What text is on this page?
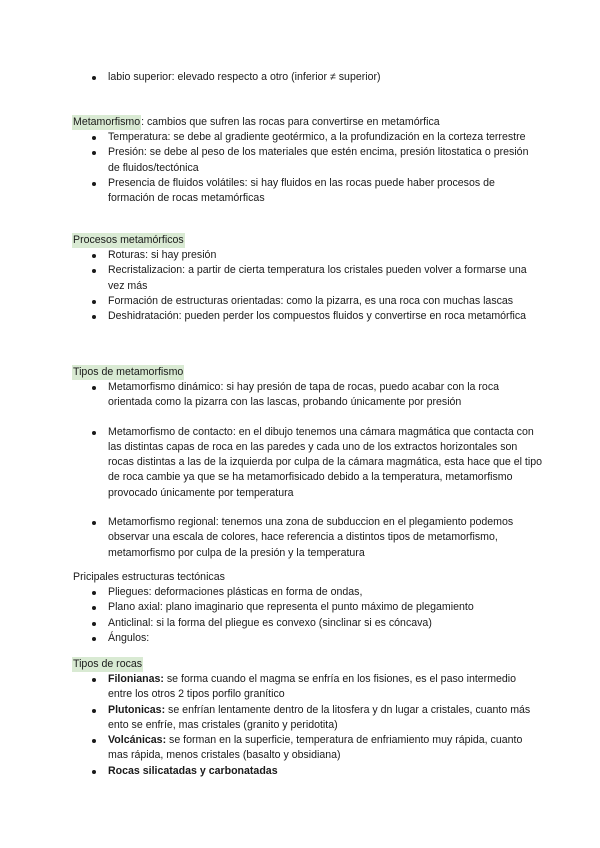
labio superior: elevado respecto a otro (inferior ≠ superior)
Metamorfismo: cambios que sufren las rocas para convertirse en metamórfica
Temperatura: se debe al gradiente geotérmico, a la profundización en la corteza terrestre
Presión: se debe al peso de los materiales que estén encima, presión litostatica o presión de fluidos/tectónica
Presencia de fluidos volátiles: si hay fluidos en las rocas puede haber procesos de formación de rocas metamórficas
Procesos metamórficos
Roturas: si hay presión
Recristalizacion: a partir de cierta temperatura los cristales pueden volver a formarse una vez más
Formación de estructuras orientadas: como la pizarra, es una roca con muchas lascas
Deshidratación: pueden perder los compuestos fluidos y convertirse en roca metamórfica
Tipos de metamorfismo
Metamorfismo dinámico: si hay presión de tapa de rocas, puedo acabar con la roca orientada como la pizarra con las lascas, probando únicamente por presión
Metamorfismo de contacto: en el dibujo tenemos una cámara magmática que contacta con las distintas capas de roca en las paredes y cada uno de los extractos horizontales son rocas distintas a las de la izquierda por culpa de la cámara magmática, esta hace que el tipo de roca cambie ya que se ha metamorfisicado debido a la temperatura, metamorfismo provocado únicamente por temperatura
Metamorfismo regional: tenemos una zona de subduccion en el plegamiento podemos observar una escala de colores, hace referencia a distintos tipos de metamorfismo, metamorfismo por culpa de la presión y la temperatura
Pricipales estructuras tectónicas
Pliegues: deformaciones plásticas en forma de ondas,
Plano axial: plano imaginario que representa el punto máximo de plegamiento
Anticlinal: si la forma del pliegue es convexo (sinclinar si es cóncava)
Ángulos:
Tipos de rocas
Filonianas: se forma cuando el magma se enfría en los fisiones, es el paso intermedio entre los otros 2 tipos porfilo granítico
Plutonicas: se enfrían lentamente dentro de la litosfera y dn lugar a cristales, cuanto más ento se enfríe, mas cristales (granito y peridotita)
Volcánicas: se forman en la superficie, temperatura de enfriamiento muy rápida, cuanto mas rápida, menos cristales (basalto y obsidiana)
Rocas silicatadas y carbonatadas
